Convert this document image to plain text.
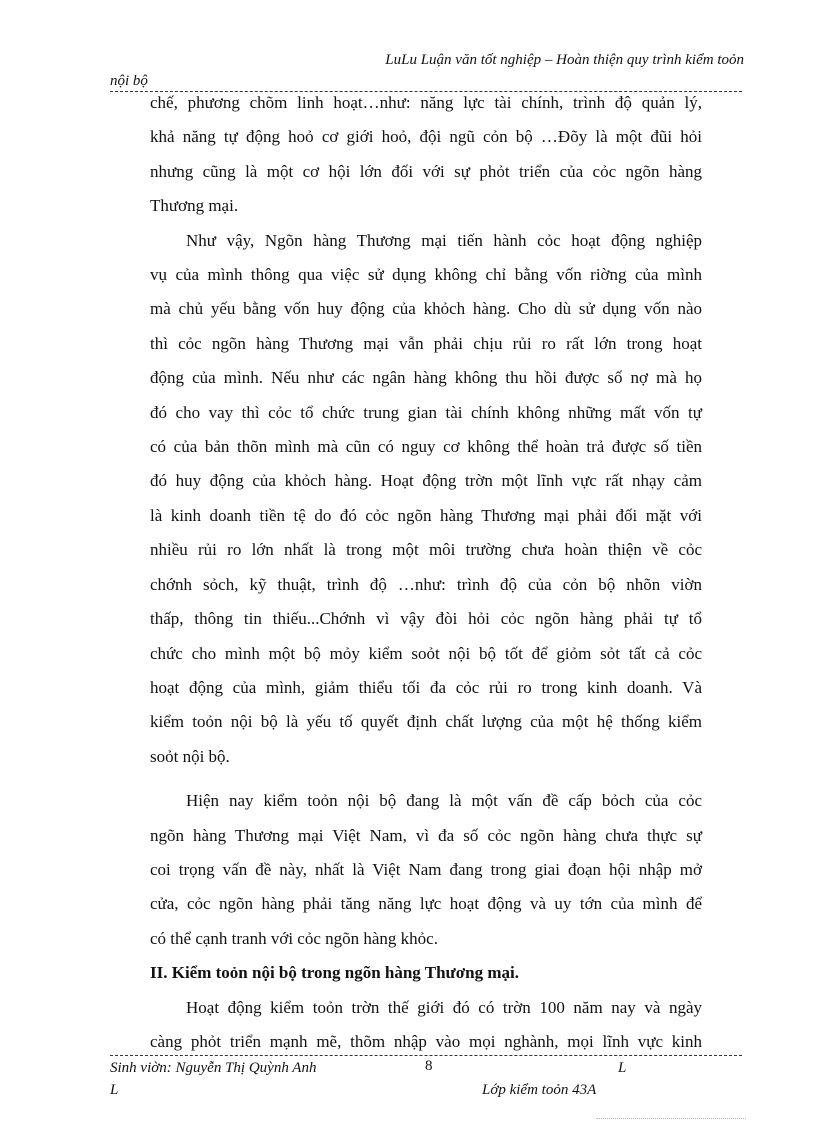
LuLu Luận văn tốt nghiệp – Hoàn thiện quy trình kiểm toỏn
nội bộ

chế, phương chõm linh hoạt…như: năng lực tài chính, trình độ quản lý,

khả năng tự động hoỏ cơ giới hoỏ, đội ngũ cỏn bộ …Đõy là một đũi hỏi

nhưng cũng là một cơ hội lớn đối với sự phỏt triển của cỏc ngõn hàng

Thương mại.

Như vậy, Ngõn hàng Thương mại tiến hành cỏc hoạt động nghiệp

vụ của mình thông qua việc sử dụng không chỉ bằng vốn riờng của mình

mà chủ yếu bằng vốn huy động của khỏch hàng. Cho dù sử dụng vốn nào

thì cỏc ngõn hàng Thương mại vẫn phải chịu rủi ro rất lớn trong hoạt

động của mình. Nếu như các ngân hàng không thu hồi được số nợ mà họ

đó cho vay thì cỏc tổ chức trung gian tài chính không những mất vốn tự

có của bản thõn mình mà cũn có nguy cơ không thể hoàn trả được số tiền

đó huy động của khỏch hàng. Hoạt động trờn một lĩnh vực rất nhạy cảm

là kinh doanh tiền tệ do đó cỏc ngõn hàng Thương mại phải đối mặt với

nhiều rủi ro lớn nhất là trong một môi trường chưa hoàn thiện về cỏc

chớnh sỏch, kỹ thuật, trình độ …như: trình độ của cỏn bộ nhõn viờn

thấp, thông tin thiếu...Chớnh vì vậy đòi hỏi cỏc ngõn hàng phải tự tổ

chức cho mình một bộ mỏy kiểm soỏt nội bộ tốt để giỏm sỏt tất cả cỏc

hoạt động của mình, giảm thiểu tối đa cỏc rủi ro trong kinh doanh. Và

kiểm toỏn nội bộ là yếu tố quyết định chất lượng của một hệ thống kiểm

soỏt nội bộ.

Hiện nay kiểm toỏn nội bộ đang là một vấn đề cấp bỏch của cỏc

ngõn hàng Thương mại Việt Nam, vì đa số cỏc ngõn hàng chưa thực sự

coi trọng vấn đề này, nhất là Việt Nam đang trong giai đoạn hội nhập mở

cửa, cỏc ngõn hàng phải tăng năng lực hoạt động và uy tớn của mình để

có thể cạnh tranh với cỏc ngõn hàng khỏc.

II. Kiểm toỏn nội bộ trong ngõn hàng Thương mại.

Hoạt động kiểm toỏn trờn thế giới đó có trờn 100 năm nay và ngày

càng phỏt triển mạnh mẽ, thõm nhập vào mọi nghành, mọi lĩnh vực kinh

Sinh viờn: Nguyễn Thị Quỳnh Anh
L
8	L
Lớp kiểm toỏn 43A
